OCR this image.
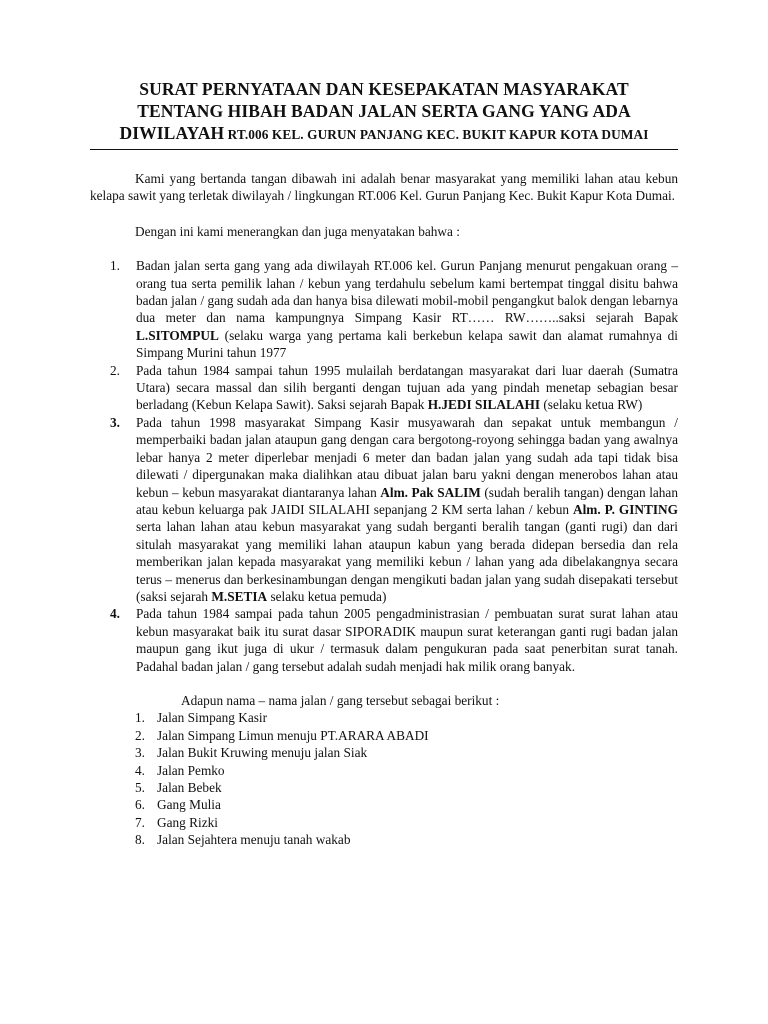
SURAT PERNYATAAN DAN KESEPAKATAN MASYARAKAT
TENTANG HIBAH BADAN JALAN SERTA GANG YANG ADA
DIWILAYAH RT.006 KEL. GURUN PANJANG KEC. BUKIT KAPUR KOTA DUMAI

Kami yang bertanda tangan dibawah ini adalah benar masyarakat yang memiliki lahan atau kebun kelapa sawit yang terletak diwilayah / lingkungan RT.006 Kel. Gurun Panjang Kec. Bukit Kapur Kota Dumai.

Dengan ini kami menerangkan dan juga menyatakan bahwa :

1. Badan jalan serta gang yang ada diwilayah RT.006 kel. Gurun Panjang menurut pengakuan orang – orang tua serta pemilik lahan / kebun yang terdahulu sebelum kami bertempat tinggal disitu bahwa badan jalan / gang sudah ada dan hanya bisa dilewati mobil-mobil pengangkut balok dengan lebarnya dua meter dan nama kampungnya Simpang Kasir RT…… RW……..saksi sejarah Bapak L.SITOMPUL (selaku warga yang pertama kali berkebun kelapa sawit dan alamat rumahnya di Simpang Murini tahun 1977
2. Pada tahun 1984 sampai tahun 1995 mulailah berdatangan masyarakat dari luar daerah (Sumatra Utara) secara massal dan silih berganti dengan tujuan ada yang pindah menetap sebagian besar berladang (Kebun Kelapa Sawit). Saksi sejarah Bapak H.JEDI SILALAHI (selaku ketua RW)
3. Pada tahun 1998 masyarakat Simpang Kasir musyawarah dan sepakat untuk membangun / memperbaiki badan jalan ataupun gang dengan cara bergotong-royong sehingga badan yang awalnya lebar hanya 2 meter diperlebar menjadi 6 meter dan badan jalan yang sudah ada tapi tidak bisa dilewati / dipergunakan maka dialihkan atau dibuat jalan baru yakni dengan menerobos lahan atau kebun – kebun masyarakat diantaranya lahan Alm. Pak SALIM (sudah beralih tangan) dengan lahan atau kebun keluarga pak JAIDI SILALAHI sepanjang 2 KM serta lahan / kebun Alm. P. GINTING serta lahan lahan atau kebun masyarakat yang sudah berganti beralih tangan (ganti rugi) dan dari situlah masyarakat yang memiliki lahan ataupun kabun yang berada didepan bersedia dan rela memberikan jalan kepada masyarakat yang memiliki kebun / lahan yang ada dibelakangnya secara terus – menerus dan berkesinambungan dengan mengikuti badan jalan yang sudah disepakati tersebut (saksi sejarah M.SETIA selaku ketua pemuda)
4. Pada tahun 1984 sampai pada tahun 2005 pengadministrasian / pembuatan surat surat lahan atau kebun masyarakat baik itu surat dasar SIPORADIK maupun surat keterangan ganti rugi badan jalan maupun gang ikut juga di ukur / termasuk dalam pengukuran pada saat penerbitan surat tanah. Padahal badan jalan / gang tersebut adalah sudah menjadi hak milik orang banyak.

Adapun nama – nama jalan / gang tersebut sebagai berikut :

1. Jalan Simpang Kasir
2. Jalan Simpang Limun menuju PT.ARARA ABADI
3. Jalan Bukit Kruwing menuju jalan Siak
4. Jalan Pemko
5. Jalan Bebek
6. Gang Mulia
7. Gang Rizki
8. Jalan Sejahtera menuju tanah wakab
